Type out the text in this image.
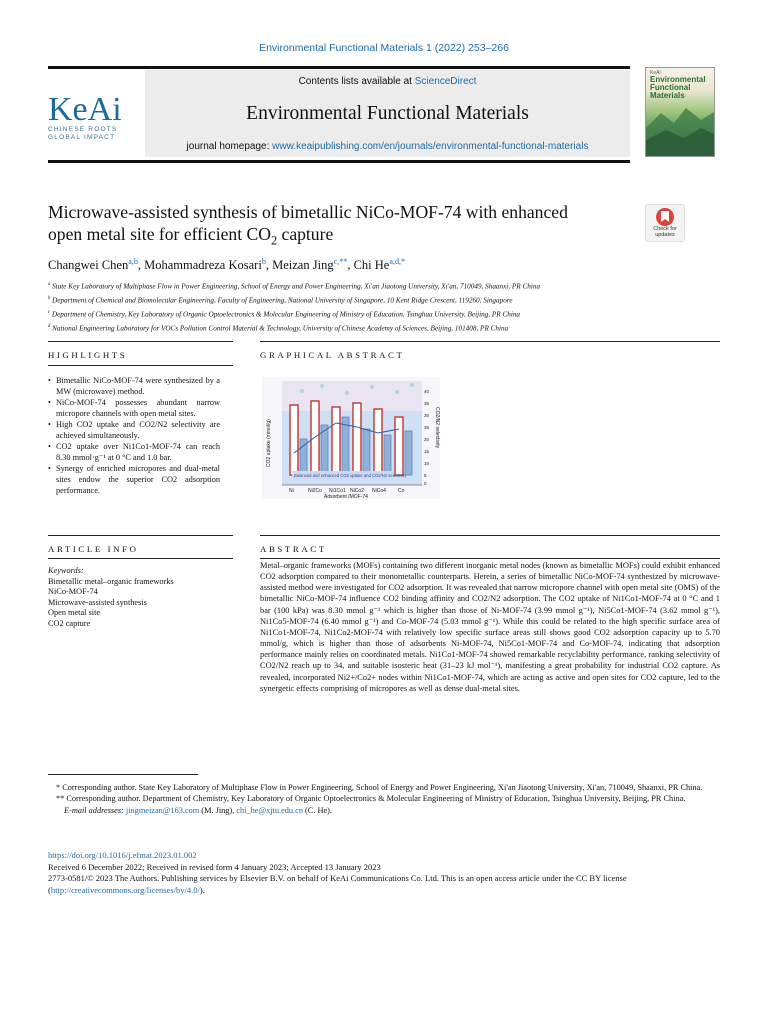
Environmental Functional Materials 1 (2022) 253–266
Contents lists available at ScienceDirect
Environmental Functional Materials
journal homepage: www.keaipublishing.com/en/journals/environmental-functional-materials
KeAi
CHINESE ROOTS
GLOBAL IMPACT
KeAi
Environmental
Functional
Materials
Microwave-assisted synthesis of bimetallic NiCo-MOF-74 with enhanced
open metal site for efficient $CO_2$ capture	Check for
updates
Changwei Chen$^{a,b}$, Mohammadreza Kosari$^b$, Meizan Jing$^{c,**}$, Chi $He^{a,d,*}$
$^a$ State Key Laboratory of Multiphase Flow in Power Engineering, School of Energy and Power Engineering, Xi'an Jiaotong University, Xi'an, 710049, Shaanxi, PR China
$^b$ Department of Chemical and Biomolecular Engineering, Faculty of Engineering, National University of Singapore, 10 Kent Ridge Crescent, 119260, Singapore
$^c$ Department of Chemistry, Key Laboratory of Organic Optoelectronics & Molecular Engineering of Ministry of Education, Tsinghua University, Beijing, PR China
$^d$ National Engineering Laboratory for VOCs Pollution Control Material & Technology, University of Chinese Academy of Sciences, Beijing, 101408, PR China
HIGHLIGHTS	GRAPHICAL ABSTRACT
• Bimetallic NiCo-MOF-74 were synthesized by a MW (microwave) method.
• NiCo-MOF-74 possesses abundant narrow micropore channels with open metal sites.
• High CO2 uptake and CO2/N2 selectivity are achieved simultaneously.
• CO2 uptake over Ni1Co1-MOF-74 can reach 8.30 mmol·g⁻¹ at 0 °C and 1.0 bar.
• Synergy of enriched micropores and dual-metal sites endow the superior CO2 adsorption performance.
Balanced and enhanced CO2 uptake and CO2/N2 selectivity
Ni	Ni2Co Ni1Co1 NiCo2 NiCo4 Co
Adsorbent /MOF-74
CO2 uptake (mmol/g)	CO2/N2 selectivity
40
35
30
25
20
15
10
5
0
ARTICLE INFO	ABSTRACT
Keywords:
Bimetallic metal–organic frameworks
NiCo-MOF-74
Microwave-assisted synthesis
Open metal site
CO2 capture
Metal–organic frameworks (MOFs) containing two different inorganic metal nodes (known as bimetallic MOFs) could exhibit enhanced CO2 adsorption compared to their monometallic counterparts. Herein, a series of bimetallic NiCo-MOF-74 synthesized by microwave-assisted method were investigated for CO2 adsorption. It was revealed that narrow micropore channel with open metal site (OMS) of the bimetallic NiCo-MOF-74 influence CO2 binding affinity and CO2/N2 adsorption. The CO2 uptake of Ni1Co1-MOF-74 at 0 °C and 1 bar (100 kPa) was 8.30 mmol g⁻¹ which is higher than those of Ni-MOF-74 (3.99 mmol g⁻¹), Ni5Co1-MOF-74 (3.62 mmol g⁻¹), Ni1Co5-MOF-74 (6.40 mmol g⁻¹) and Co-MOF-74 (5.03 mmol g⁻¹). While this could be related to the high specific surface area of Ni1Co1-MOF-74, Ni1Co2-MOF-74 with relatively low specific surface areas still shows good CO2 adsorption capacity up to 5.70 mmol/g, which is higher than those of adsorbents Ni-MOF-74, Ni5Co1-MOF-74 and Co-MOF-74, indicating that adsorption performance mainly relies on coordinated metals. Ni1Co1-MOF-74 showed remarkable recyclability performance, ranking selectivity of CO2/N2 reach up to 34, and suitable isosteric heat (31–23 kJ mol⁻¹), manifesting a great probability for industrial CO2 capture. As revealed, incorporated Ni2+/Co2+ nodes within Ni1Co1-MOF-74, which are acting as active and open sites for CO2 capture, led to the synergetic effects comprising of micropores as well as dense dual-metal sites.
* Corresponding author. State Key Laboratory of Multiphase Flow in Power Engineering, School of Energy and Power Engineering, Xi'an Jiaotong University, Xi'an, 710049, Shaanxi, PR China.
** Corresponding author. Department of Chemistry, Key Laboratory of Organic Optoelectronics & Molecular Engineering of Ministry of Education, Tsinghua University, Beijing, PR China.
E-mail addresses: jingmeizan@163.com (M. Jing), chi_he@xjtu.edu.cn (C. He).
https://doi.org/10.1016/j.efmat.2023.01.002
Received 6 December 2022; Received in revised form 4 January 2023; Accepted 13 January 2023
2773-0581/© 2023 The Authors. Publishing services by Elsevier B.V. on behalf of KeAi Communications Co. Ltd. This is an open access article under the CC BY license
(http://creativecommons.org/licenses/by/4.0/).
